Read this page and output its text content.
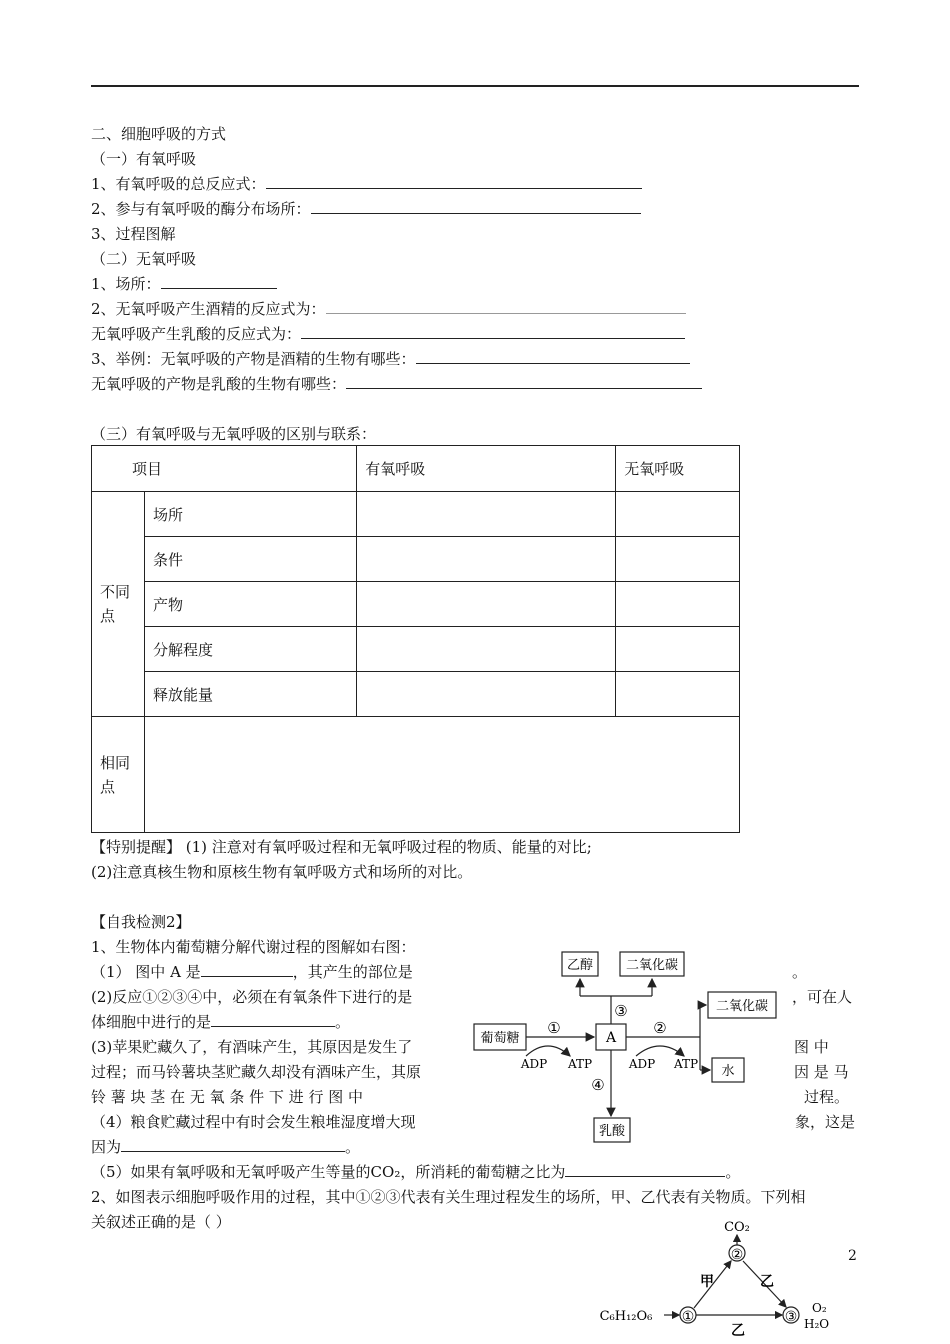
二、细胞呼吸的方式
（一）有氧呼吸
1、有氧呼吸的总反应式：
2、参与有氧呼吸的酶分布场所：
3、过程图解
（二）无氧呼吸
1、场所：
2、无氧呼吸产生酒精的反应式为：
无氧呼吸产生乳酸的反应式为：
3、举例：无氧呼吸的产物是酒精的生物有哪些：
无氧呼吸的产物是乳酸的生物有哪些：
（三）有氧呼吸与无氧呼吸的区别与联系：
项目		有氧呼吸	无氧呼吸
不同点	场所		
	条件		
	产物		
	分解程度		
	释放能量		
相同点			
【特别提醒】 (1) 注意对有氧呼吸过程和无氧呼吸过程的物质、能量的对比;
(2)注意真核生物和原核生物有氧呼吸方式和场所的对比。
【自我检测2】
1、生物体内葡萄糖分解代谢过程的图解如右图：
（1） 图中 A 是	，其产生的部位是	。
(2)反应①②③④中，必须在有氧条件下进行的是	，可在人
体细胞中进行的是	。
(3)苹果贮藏久了，有酒味产生，其原因是发生了	图 中
过程；而马铃薯块茎贮藏久却没有酒味产生，其原	因 是 马
铃 薯 块 茎 在 无 氧 条 件 下 进 行 图 中	过程。
（4）粮食贮藏过程中有时会发生粮堆湿度增大现	象，这是
因为	。
（5）如果有氧呼吸和无氧呼吸产生等量的CO₂，所消耗的葡萄糖之比为	。
2、如图表示细胞呼吸作用的过程，其中①②③代表有关生理过程发生的场所，甲、乙代表有关物质。下列相
关叙述正确的是（ ）
葡萄糖	A
乙醇	二氧化碳
二氧化碳
水
乳酸
①	②
③
④
ADP ATP	ADP ATP
2
CO₂
②
①	③
C₆H₁₂O₆
甲	乙
乙
O₂
H₂O
